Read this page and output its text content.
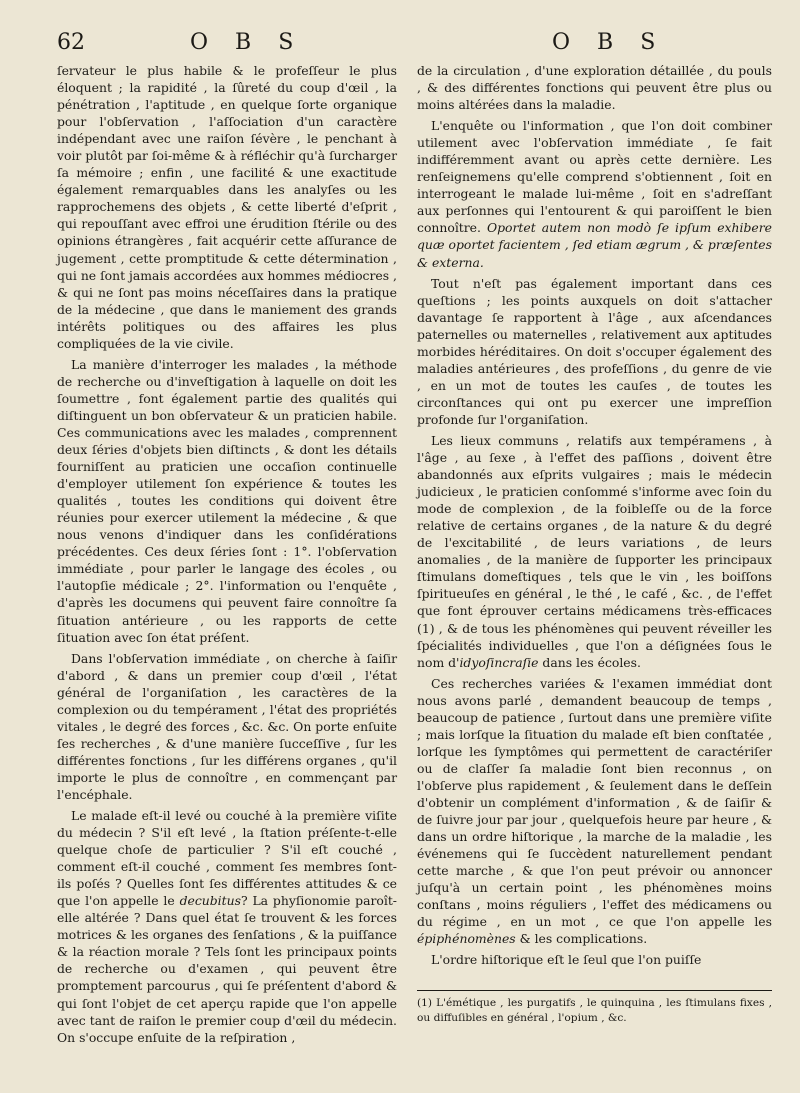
62	O B S	O B S

ſervateur le plus habile & le profeſſeur le plus éloquent ; la rapidité , la ſûreté du coup d'œil , la pénétration , l'aptitude , en quelque ſorte organique pour l'obſervation , l'aſſociation d'un caractère indépendant avec une raiſon ſévère , le penchant à voir plutôt par ſoi-même & à réfléchir qu'à ſurcharger ſa mémoire ; enfin , une facilité & une exactitude également remarquables dans les analyſes ou les rapprochemens des objets , & cette liberté d'eſprit , qui repouſſant avec effroi une érudition ſtérile ou des opinions étrangères , fait acquérir cette aſſurance de jugement , cette promptitude & cette détermination , qui ne ſont jamais accordées aux hommes médiocres , & qui ne ſont pas moins néceſſaires dans la pratique de la médecine , que dans le maniement des grands intérêts politiques ou des affaires les plus compliquées de la vie civile.

La manière d'interroger les malades , la méthode de recherche ou d'inveſtigation à laquelle on doit les ſoumettre , font également partie des qualités qui diſtinguent un bon obſervateur & un praticien habile. Ces communications avec les malades , comprennent deux ſéries d'objets bien diſtincts , & dont les détails fourniſſent au praticien une occaſion continuelle d'employer utilement ſon expérience & toutes les qualités , toutes les conditions qui doivent être réunies pour exercer utilement la médecine , & que nous venons d'indiquer dans les conſidérations précédentes. Ces deux ſéries ſont : 1°. l'obſervation immédiate , pour parler le langage des écoles , ou l'autopſie médicale ; 2°. l'information ou l'enquête , d'après les documens qui peuvent faire connoître ſa ſituation antérieure , ou les rapports de cette ſituation avec ſon état préſent.

Dans l'obſervation immédiate , on cherche à ſaiſir d'abord , & dans un premier coup d'œil , l'état général de l'organiſation , les caractères de la complexion ou du tempérament , l'état des propriétés vitales , le degré des forces , &c. &c. On porte enſuite ſes recherches , & d'une manière ſucceſſive , ſur les différentes fonctions , ſur les différens organes , qu'il importe le plus de connoître , en commençant par l'encéphale.

Le malade eſt-il levé ou couché à la première viſite du médecin ? S'il eſt levé , la ſtation préſente-t-elle quelque choſe de particulier ? S'il eſt couché , comment eſt-il couché , comment ſes membres ſont-ils poſés ? Quelles ſont ſes différentes attitudes & ce que l'on appelle le decubitus? La phyſionomie paroît-elle altérée ? Dans quel état ſe trouvent & les forces motrices & les organes des ſenſations , & la puiſſance & la réaction morale ? Tels ſont les principaux points de recherche ou d'examen , qui peuvent être promptement parcourus , qui ſe préſentent d'abord & qui ſont l'objet de cet aperçu rapide que l'on appelle avec tant de raiſon le premier coup d'œil du médecin. On s'occupe enſuite de la reſpiration ,

de la circulation , d'une exploration détaillée , du pouls , & des différentes fonctions qui peuvent être plus ou moins altérées dans la maladie.

L'enquête ou l'information , que l'on doit combiner utilement avec l'obſervation immédiate , ſe fait indifféremment avant ou après cette dernière. Les renſeignemens qu'elle comprend s'obtiennent , ſoit en interrogeant le malade lui-même , ſoit en s'adreſſant aux perſonnes qui l'entourent & qui paroiſſent le bien connoître. Oportet autem non modò ſe ipſum exhibere quæ oportet facientem , ſed etiam ægrum , & præſentes & externa.

Tout n'eſt pas également important dans ces queſtions ; les points auxquels on doit s'attacher davantage ſe rapportent à l'âge , aux aſcendances paternelles ou maternelles , relativement aux aptitudes morbides héréditaires. On doit s'occuper également des maladies antérieures , des profeſſions , du genre de vie , en un mot de toutes les cauſes , de toutes les circonſtances qui ont pu exercer une impreſſion profonde ſur l'organiſation.

Les lieux communs , relatifs aux tempéramens , à l'âge , au ſexe , à l'effet des paſſions , doivent être abandonnés aux eſprits vulgaires ; mais le médecin judicieux , le praticien conſommé s'informe avec ſoin du mode de complexion , de la foibleſſe ou de la force relative de certains organes , de la nature & du degré de l'excitabilité , de leurs variations , de leurs anomalies , de la manière de ſupporter les principaux ſtimulans domeſtiques , tels que le vin , les boiſſons ſpiritueuſes en général , le thé , le café , &c. , de l'effet que font éprouver certains médicamens très-efficaces (1) , & de tous les phénomènes qui peuvent réveiller les ſpécialités individuelles , que l'on a déſignées ſous le nom d'idyoſincraſie dans les écoles.

Ces recherches variées & l'examen immédiat dont nous avons parlé , demandent beaucoup de temps , beaucoup de patience , ſurtout dans une première viſite ; mais lorſque la ſituation du malade eſt bien conſtatée , lorſque les ſymptômes qui permettent de caractériſer ou de claſſer ſa maladie ſont bien reconnus , on l'obſerve plus rapidement , & ſeulement dans le deſſein d'obtenir un complément d'information , & de ſaiſir & de ſuivre jour par jour , quelquefois heure par heure , & dans un ordre hiſtorique , la marche de la maladie , les événemens qui ſe ſuccèdent naturellement pendant cette marche , & que l'on peut prévoir ou annoncer juſqu'à un certain point , les phénomènes moins conſtans , moins réguliers , l'effet des médicamens ou du régime , en un mot , ce que l'on appelle les épiphénomènes & les complications.

L'ordre hiſtorique eſt le ſeul que l'on puiſſe

(1) L'émétique , les purgatifs , le quinquina , les ſtimulans fixes , ou diffuſibles en général , l'opium , &c.
